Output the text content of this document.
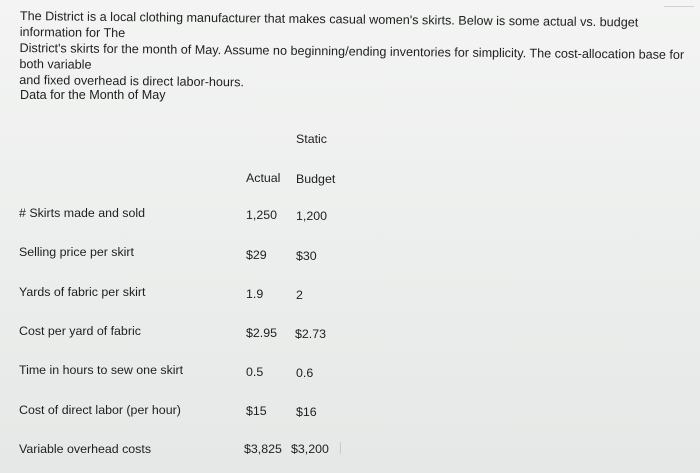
The District is a local clothing manufacturer that makes casual women's skirts. Below is some actual vs. budget information for The

District's skirts for the month of May. Assume no beginning/ending inventories for simplicity. The cost-allocation base for both variable

and fixed overhead is direct labor-hours.

Data for the Month of May
Static
Actual Budget
# Skirts made and sold	1,250 1,200
Selling price per skirt	$29 $30
Yards of fabric per skirt	1.9	2
Cost per yard of fabric	$2.95 $2.73
Time in hours to sew one skirt	0.5	0.6
Cost of direct labor (per hour)	$15 $16
Variable overhead costs	$3,825 $3,200
